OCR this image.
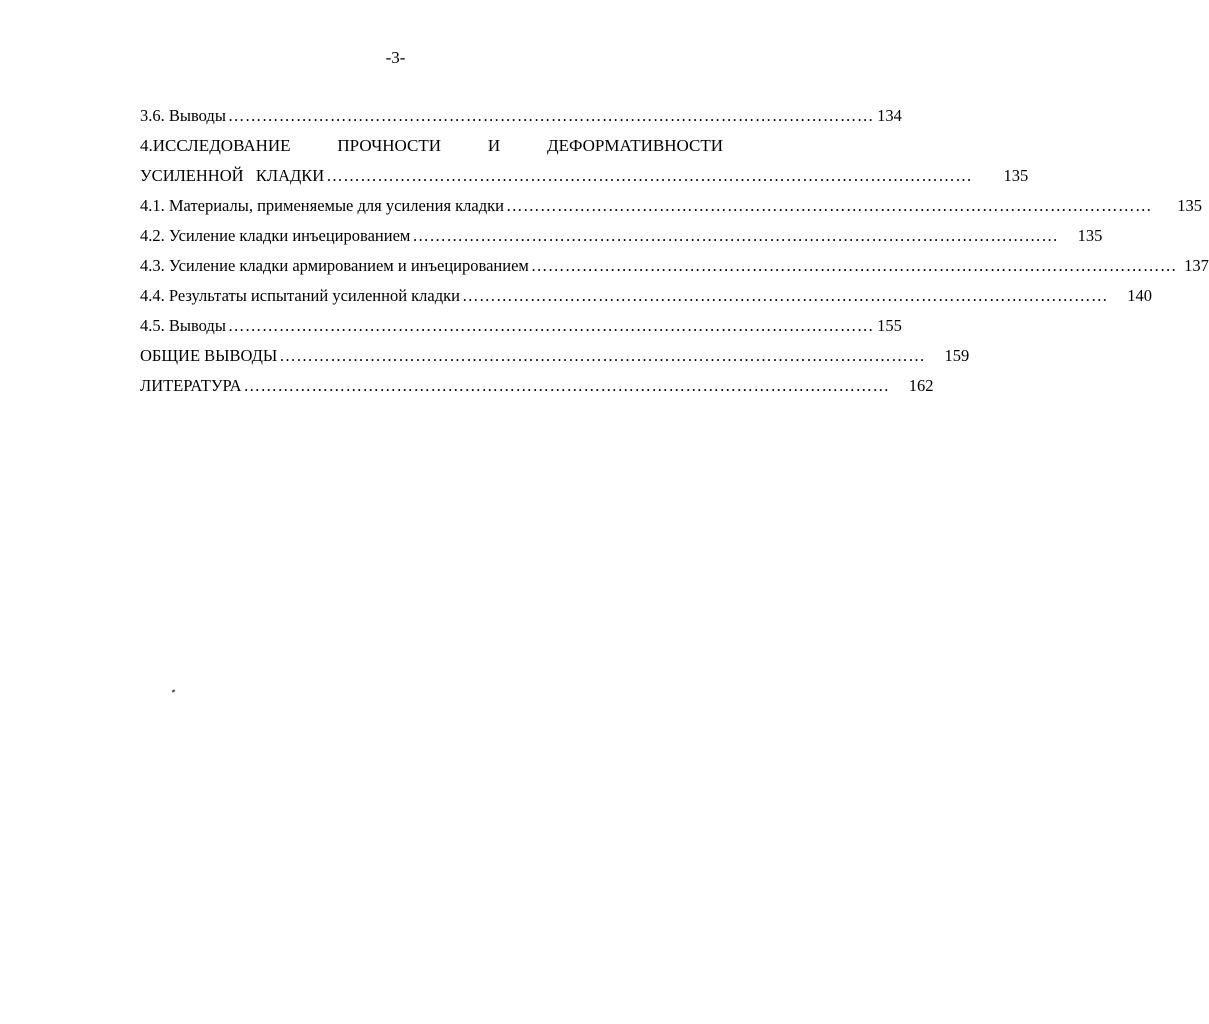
-3-
3.6. Выводы …………………………………………………………………………………………………… 134
4.ИССЛЕДОВАНИЕ	ПРОЧНОСТИ	И	ДЕФОРМАТИВНОСТИ
УСИЛЕННОЙ   КЛАДКИ …………………………………………………………………………………………………… 135
4.1. Материалы, применяемые для усиления кладки …………………………………………………………………………………………………… 135
4.2. Усиление кладки инъецированием …………………………………………………………………………………………………… 135
4.3. Усиление кладки армированием и инъецированием …………………………………………………………………………………………………… 137
4.4. Результаты испытаний усиленной кладки …………………………………………………………………………………………………… 140
4.5. Выводы …………………………………………………………………………………………………… 155
ОБЩИЕ ВЫВОДЫ …………………………………………………………………………………………………… 159
ЛИТЕРАТУРА …………………………………………………………………………………………………… 162
